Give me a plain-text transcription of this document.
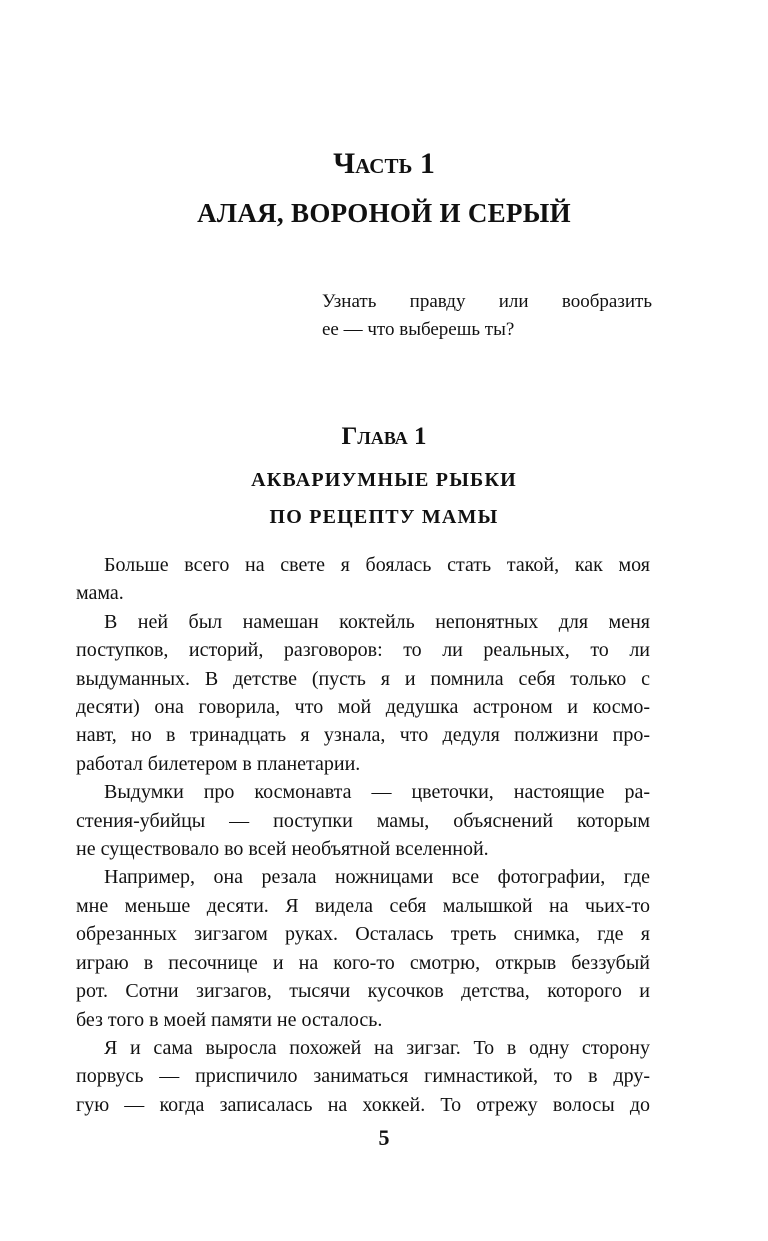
Часть 1
АЛАЯ, ВОРОНОЙ И СЕРЫЙ
Узнать правду или вообразить
ее — что выберешь ты?
Глава 1
АКВАРИУМНЫЕ РЫБКИ
ПО РЕЦЕПТУ МАМЫ
Больше всего на свете я боялась стать такой, как моя
мама.
В ней был намешан коктейль непонятных для меня
поступков, историй, разговоров: то ли реальных, то ли
выдуманных. В детстве (пусть я и помнила себя только с
десяти) она говорила, что мой дедушка астроном и космо-
навт, но в тринадцать я узнала, что дедуля полжизни про-
работал билетером в планетарии.
Выдумки про космонавта — цветочки, настоящие ра-
стения-убийцы — поступки мамы, объяснений которым
не существовало во всей необъятной вселенной.
Например, она резала ножницами все фотографии, где
мне меньше десяти. Я видела себя малышкой на чьих-то
обрезанных зигзагом руках. Осталась треть снимка, где я
играю в песочнице и на кого-то смотрю, открыв беззубый
рот. Сотни зигзагов, тысячи кусочков детства, которого и
без того в моей памяти не осталось.
Я и сама выросла похожей на зигзаг. То в одну сторону
порвусь — приспичило заниматься гимнастикой, то в дру-
гую — когда записалась на хоккей. То отрежу волосы до
5
